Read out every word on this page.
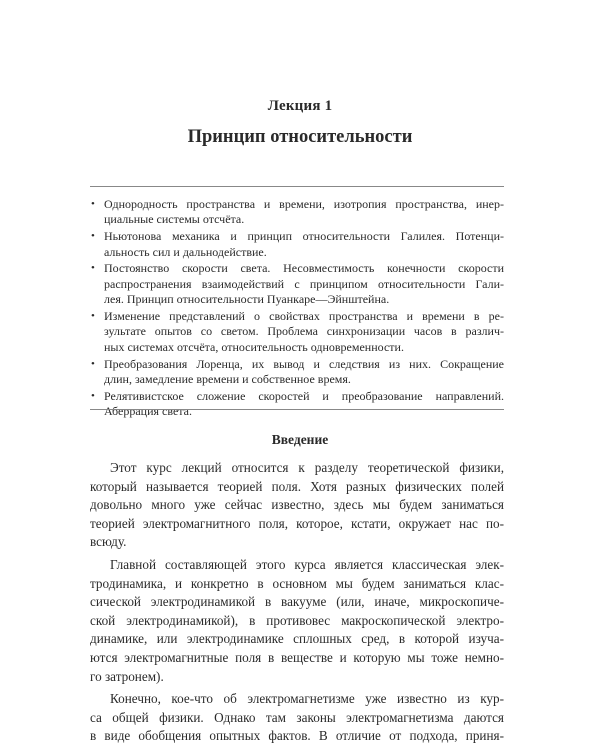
Лекция 1
Принцип относительности
• Однородность пространства и времени, изотропия пространства, инер-
циальные системы отсчёта.
• Ньютонова механика и принцип относительности Галилея. Потенци-
альность сил и дальнодействие.
• Постоянство скорости света. Несовместимость конечности скорости
распространения взаимодействий с принципом относительности Гали-
лея. Принцип относительности Пуанкаре—Эйнштейна.
• Изменение представлений о свойствах пространства и времени в ре-
зультате опытов со светом. Проблема синхронизации часов в различ-
ных системах отсчёта, относительность одновременности.
• Преобразования Лоренца, их вывод и следствия из них. Сокращение
длин, замедление времени и собственное время.
• Релятивистское сложение скоростей и преобразование направлений.
Аберрация света.
Введение

Этот курс лекций относится к разделу теоретической физики,
который называется теорией поля. Хотя разных физических полей
довольно много уже сейчас известно, здесь мы будем заниматься
теорией электромагнитного поля, которое, кстати, окружает нас по-
всюду.

Главной составляющей этого курса является классическая элек-
тродинамика, и конкретно в основном мы будем заниматься клас-
сической электродинамикой в вакууме (или, иначе, микроскопиче-
ской электродинамикой), в противовес макроскопической электро-
динамике, или электродинамике сплошных сред, в которой изуча-
ются электромагнитные поля в веществе и которую мы тоже немно-
го затронем).

Конечно, кое-что об электромагнетизме уже известно из кур-
са общей физики. Однако там законы электромагнетизма даются
в виде обобщения опытных фактов. В отличие от подхода, приня-
